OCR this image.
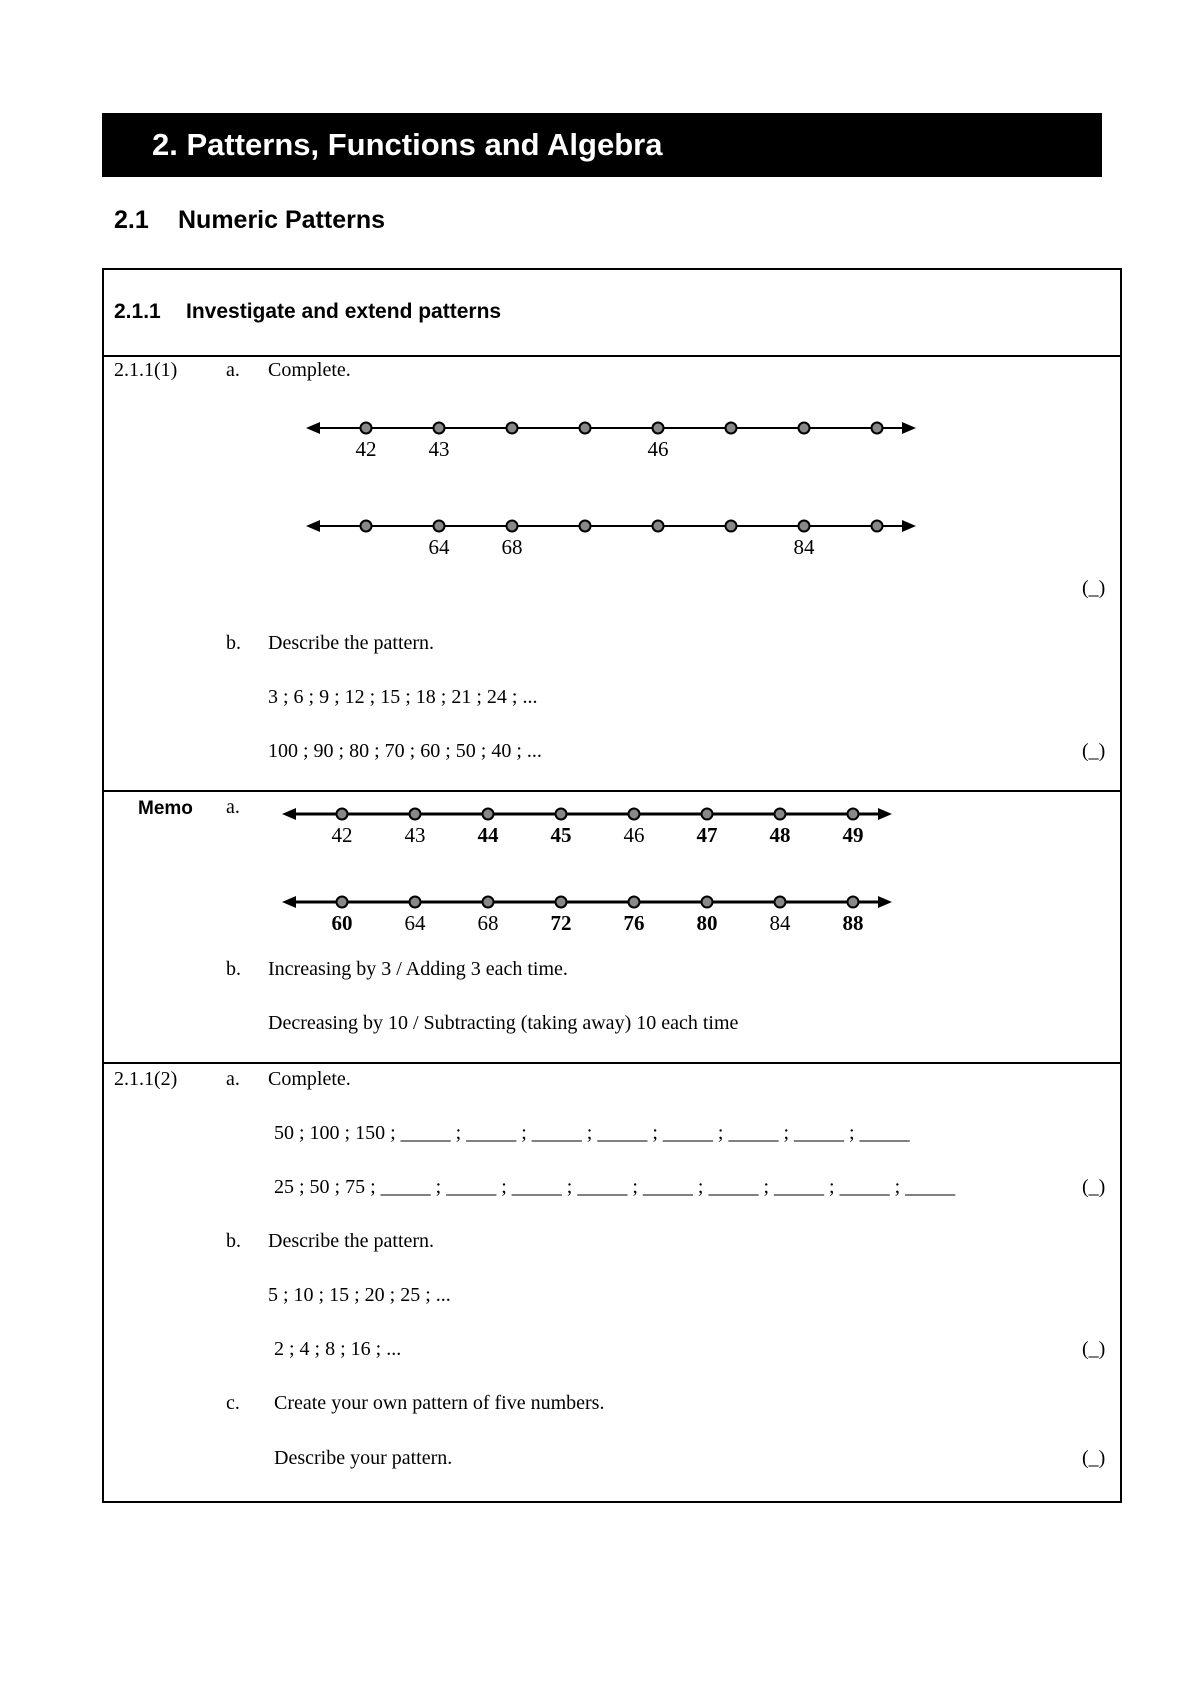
2. Patterns, Functions and Algebra
2.1 Numeric Patterns
2.1.1 Investigate and extend patterns
2.1.1(1) a. Complete.
42 43	46
64 68	84
(_)
b. Describe the pattern.
3 ; 6 ; 9 ; 12 ; 15 ; 18 ; 21 ; 24 ; ...
100 ; 90 ; 80 ; 70 ; 60 ; 50 ; 40 ; ...	(_)
Memo a.
42 43 44 45 46 47 48 49
60 64 68 72 76 80 84 88
b. Increasing by 3 / Adding 3 each time.
Decreasing by 10 / Subtracting (taking away) 10 each time
2.1.1(2) a. Complete.
50 ; 100 ; 150 ; _____ ; _____ ; _____ ; _____ ; _____ ; _____ ; _____ ; _____
25 ; 50 ; 75 ; _____ ; _____ ; _____ ; _____ ; _____ ; _____ ; _____ ; _____ ; _____	(_)
b. Describe the pattern.
5 ; 10 ; 15 ; 20 ; 25 ; ...
2 ; 4 ; 8 ; 16 ; ...	(_)
c. Create your own pattern of five numbers.
Describe your pattern.	(_)
